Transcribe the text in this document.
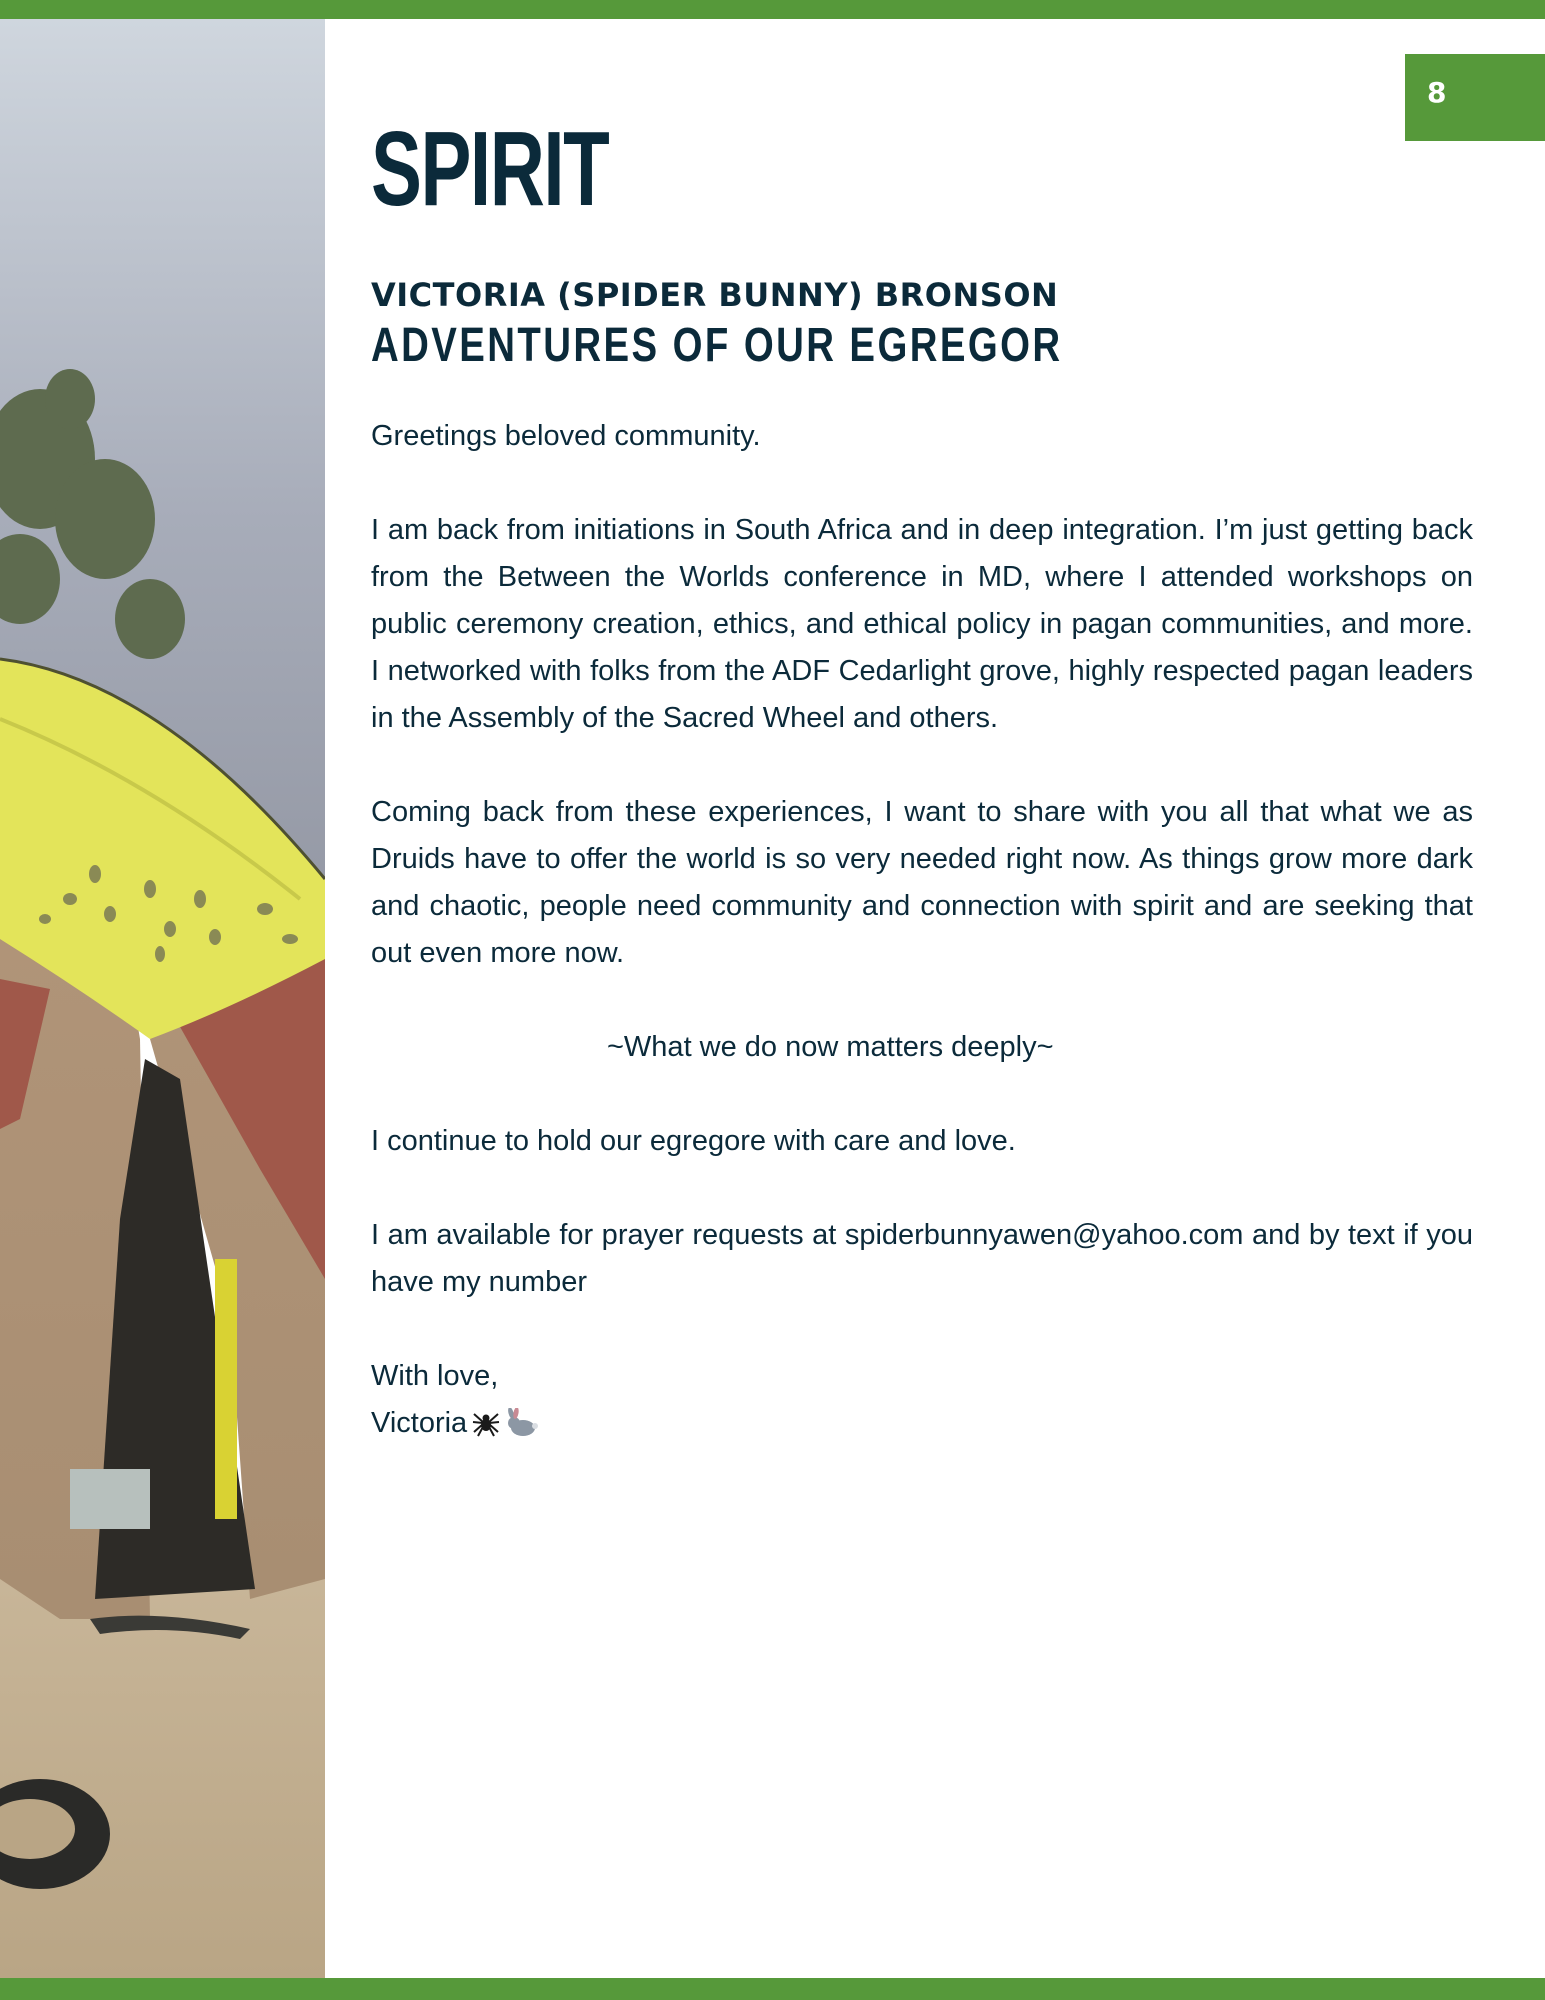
8
SPIRIT
VICTORIA (SPIDER BUNNY) BRONSON
ADVENTURES OF OUR EGREGOR

Greetings beloved community.

I am back from initiations in South Africa and in deep integration. I’m just getting back from the Between the Worlds conference in MD, where I attended workshops on public ceremony creation, ethics, and ethical policy in pagan communities, and more. I networked with folks from the ADF Cedarlight grove, highly respected pagan leaders in the Assembly of the Sacred Wheel and others.

Coming back from these experiences, I want to share with you all that what we as Druids have to offer the world is so very needed right now. As things grow more dark and chaotic, people need community and connection with spirit and are seeking that out even more now.

~What we do now matters deeply~

I continue to hold our egregore with care and love.

I am available for prayer requests at spiderbunnyawen@yahoo.com and by text if you have my number

With love,

Victoria
